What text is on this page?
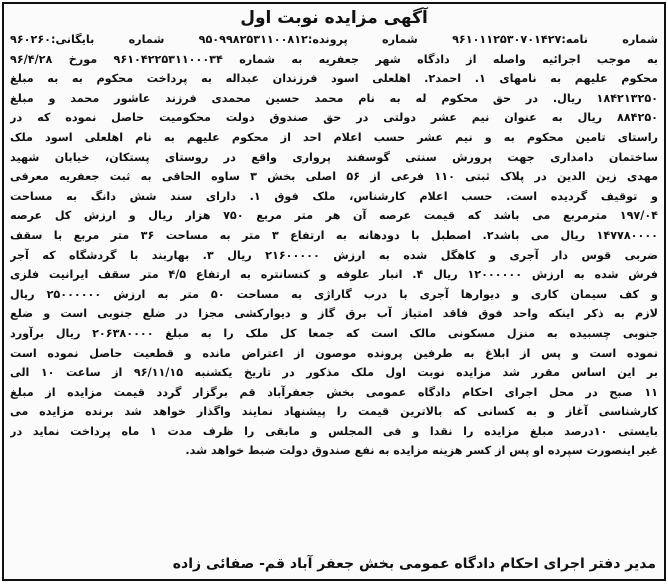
آگهی مزایده نوبت اول
شماره نامه:۹۶۱۰۱۱۲۵۳۰۷۰۱۴۲۷ شماره پرونده:۹۵۰۹۹۸۲۵۳۱۱۰۰۸۱۲ شماره بایگانی:۹۶۰۲۶۰
به موجب اجرائیه واصله از دادگاه شهر جعفریه به شماره ۹۶۱۰۴۲۲۵۳۱۱۰۰۰۳۴ مورخ ۹۶/۴/۲۸
محکوم علیهم به نامهای ۱. احمد۲. اهلعلی اسود فرزندان عبداله به پرداخت محکوم به به مبلغ
۱۸۴۲۱۳۲۵۰ ریال. در حق محکوم له به نام محمد حسین محمدی فرزند عاشور محمد و مبلغ
۸۸۴۲۵۰ ریال به عنوان نیم عشر دولتی در حق صندوق دولت محکومیت حاصل نموده که در
راستای تامین محکوم به و نیم عشر حسب اعلام احد از محکوم علیهم به نام اهلعلی اسود ملک
ساختمان دامداری جهت پرورش سنتی گوسفند پرواری واقع در روستای پستکان، خیابان شهید
مهدی زین الدین در پلاک ثبتی ۱۱۰ فرعی از ۵۶ اصلی بخش ۳ ساوه الحاقی به ثبت جعفریه معرفی
و توقیف گردیده است. حسب اعلام کارشناس، ملک فوق ۱. دارای سند شش دانگ به مساحت
۱۹۷/۰۴ مترمربع می باشد که قیمت عرصه آن هر متر مربع ۷۵۰ هزار ریال و ارزش کل عرصه
۱۴۷۷۸۰۰۰۰ ریال می باشد۲. اصطبل با دودهانه به ارتفاع ۳ متر به مساحت ۳۶ متر مربع با سقف
ضربی قوس دار آجری و کاهگل شده به ارزش ۲۱۶۰۰۰۰۰ ریال ۳. بهاربند با گردشگاه که آجر
فرش شده به ارزش ۱۲۰۰۰۰۰۰ ریال ۴. انبار علوفه و کنسانتره به ارتفاع ۴/۵ متر سقف ایرانیت فلزی
و کف سیمان کاری و دیوارها آجری با درب گاراژی به مساحت ۵۰ متر به ارزش ۲۵۰۰۰۰۰۰ ریال
لازم به ذکر اینکه واحد فوق فاقد امتیاز آب برق گاز و دیوارکشی مجزا در ضلع جنوبی است و ضلع
جنوبی چسبیده به منزل مسکونی مالک است که جمعا کل ملک را به مبلغ ۲۰۶۳۸۰۰۰۰ ریال برآورد
نموده است و پس از ابلاغ به طرفین پرونده موصون از اعتراض مانده و قطعیت حاصل نموده است
بر این اساس مقرر شد مزایده نوبت اول ملک مذکور در تاریخ یکشنبه ۹۶/۱۱/۱۵ از ساعت ۱۰ الی
۱۱ صبح در محل اجرای احکام دادگاه عمومی بخش جعفرآباد قم برگزار گردد قیمت مزایده از مبلغ
کارشناسی آغاز و به کسانی که بالاترین قیمت را پیشنهاد نمایند واگذار خواهد شد برنده مزایده می
بایستی ۱۰درصد مبلغ مزایده را نقدا و فی المجلس و مابقی را ظرف مدت ۱ ماه پرداخت نماید در
غیر اینصورت سپرده او پس از کسر هزینه مزایده به نفع صندوق دولت ضبط خواهد شد.
مدیر دفتر اجرای احکام دادگاه عمومی بخش جعفر آباد قم- صفائی زاده
